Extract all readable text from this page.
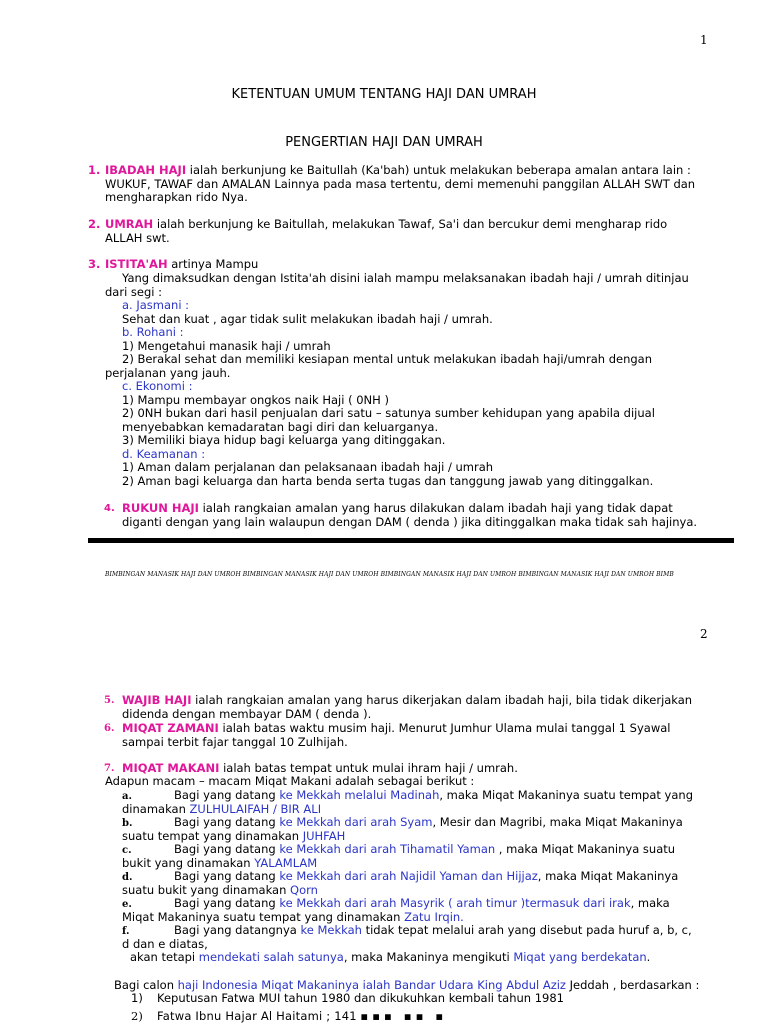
1
KETENTUAN UMUM TENTANG HAJI DAN UMRAH
PENGERTIAN HAJI DAN UMRAH
1. IBADAH HAJI ialah berkunjung ke Baitullah (Ka'bah) untuk melakukan beberapa amalan antara lain :
WUKUF, TAWAF dan AMALAN Lainnya pada masa tertentu, demi memenuhi panggilan ALLAH SWT dan
mengharapkan rido Nya.
2. UMRAH ialah berkunjung ke Baitullah, melakukan Tawaf, Sa'i dan bercukur demi mengharap rido
ALLAH swt.
3. ISTITA'AH artinya Mampu
Yang dimaksudkan dengan Istita'ah disini ialah mampu melaksanakan ibadah haji / umrah ditinjau
dari segi :
a. Jasmani :
Sehat dan kuat , agar tidak sulit melakukan ibadah haji / umrah.
b. Rohani :
1) Mengetahui manasik haji / umrah
2) Berakal sehat dan memiliki kesiapan mental untuk melakukan ibadah haji/umrah dengan
perjalanan yang jauh.
c. Ekonomi :
1) Mampu membayar ongkos naik Haji ( 0NH )
2) 0NH bukan dari hasil penjualan dari satu – satunya sumber kehidupan yang apabila dijual
menyebabkan kemadaratan bagi diri dan keluarganya.
3) Memiliki biaya hidup bagi keluarga yang ditinggakan.
d. Keamanan :
1) Aman dalam perjalanan dan pelaksanaan ibadah haji / umrah
2) Aman bagi keluarga dan harta benda serta tugas dan tanggung jawab yang ditinggalkan.
4. RUKUN HAJI ialah rangkaian amalan yang harus dilakukan dalam ibadah haji yang tidak dapat
diganti dengan yang lain walaupun dengan DAM ( denda ) jika ditinggalkan maka tidak sah hajinya.
BIMBINGAN MANASIK HAJI DAN UMROH BIMBINGAN MANASIK HAJI DAN UMROH BIMBINGAN MANASIK HAJI DAN UMROH BIMBINGAN MANASIK HAJI DAN UMROH BIMB
2
5. WAJIB HAJI ialah rangkaian amalan yang harus dikerjakan dalam ibadah haji, bila tidak dikerjakan
didenda dengan membayar DAM ( denda ).
6. MIQAT ZAMANI ialah batas waktu musim haji. Menurut Jumhur Ulama mulai tanggal 1 Syawal
sampai terbit fajar tanggal 10 Zulhijah.
7. MIQAT MAKANI ialah batas tempat untuk mulai ihram haji / umrah.
Adapun macam – macam Miqat Makani adalah sebagai berikut :
a.	Bagi yang datang ke Mekkah melalui Madinah, maka Miqat Makaninya suatu tempat yang
dinamakan ZULHULAIFAH / BIR ALI
b.	Bagi yang datang ke Mekkah dari arah Syam, Mesir dan Magribi, maka Miqat Makaninya
suatu tempat yang dinamakan JUHFAH
c.	Bagi yang datang ke Mekkah dari arah Tihamatil Yaman , maka Miqat Makaninya suatu
bukit yang dinamakan YALAMLAM
d.	Bagi yang datang ke Mekkah dari arah Najidil Yaman dan Hijjaz, maka Miqat Makaninya
suatu bukit yang dinamakan Qorn
e.	Bagi yang datang ke Mekkah dari arah Masyrik ( arah timur )termasuk dari irak, maka
Miqat Makaninya suatu tempat yang dinamakan Zatu Irqin.
f.	Bagi yang datangnya ke Mekkah tidak tepat melalui arah yang disebut pada huruf a, b, c,
d dan e diatas,
akan tetapi mendekati salah satunya, maka Makaninya mengikuti Miqat yang berdekatan.
Bagi calon haji Indonesia Miqat Makaninya ialah Bandar Udara King Abdul Aziz Jeddah , berdasarkan :
1) Keputusan Fatwa MUI tahun 1980 dan dikukuhkan kembali tahun 1981
2) Fatwa Ibnu Hajar Al Haitami ; 141 ▪▪▪ ▪▪ ▪
